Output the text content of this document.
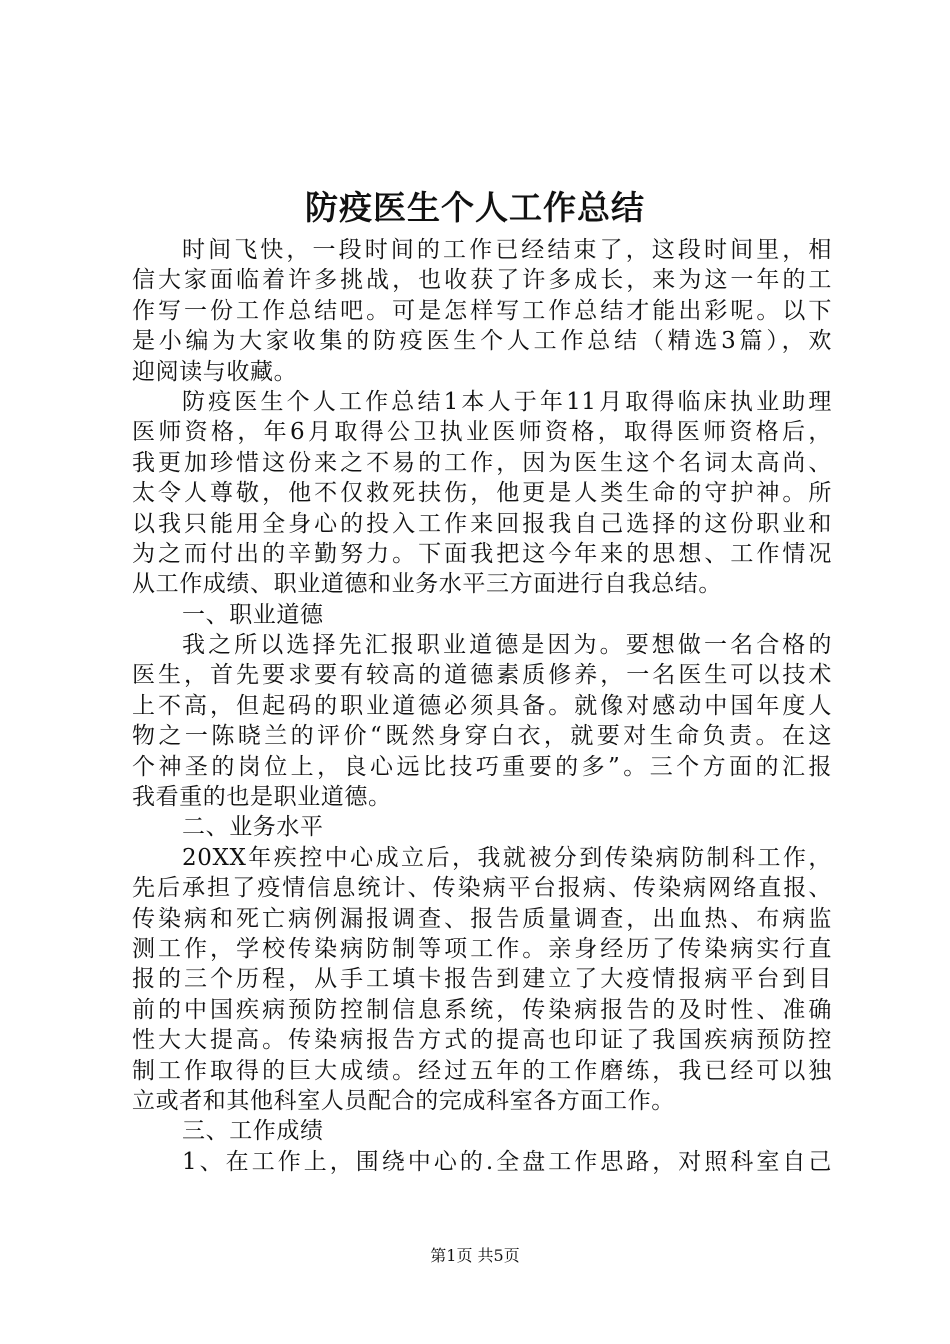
防疫医生个人工作总结
时间飞快，一段时间的工作已经结束了，这段时间里，相
信大家面临着许多挑战，也收获了许多成长，来为这一年的工
作写一份工作总结吧。可是怎样写工作总结才能出彩呢。以下
是小编为大家收集的防疫医生个人工作总结（精选3篇），欢
迎阅读与收藏。
防疫医生个人工作总结1本人于年11月取得临床执业助理
医师资格，年6月取得公卫执业医师资格，取得医师资格后，
我更加珍惜这份来之不易的工作，因为医生这个名词太高尚、
太令人尊敬，他不仅救死扶伤，他更是人类生命的守护神。所
以我只能用全身心的投入工作来回报我自己选择的这份职业和
为之而付出的辛勤努力。下面我把这今年来的思想、工作情况
从工作成绩、职业道德和业务水平三方面进行自我总结。
一、职业道德
我之所以选择先汇报职业道德是因为。要想做一名合格的
医生，首先要求要有较高的道德素质修养，一名医生可以技术
上不高，但起码的职业道德必须具备。就像对感动中国年度人
物之一陈晓兰的评价“既然身穿白衣，就要对生命负责。在这
个神圣的岗位上，良心远比技巧重要的多”。三个方面的汇报
我看重的也是职业道德。
二、业务水平
20XX年疾控中心成立后，我就被分到传染病防制科工作，
先后承担了疫情信息统计、传染病平台报病、传染病网络直报、
传染病和死亡病例漏报调查、报告质量调查，出血热、布病监
测工作，学校传染病防制等项工作。亲身经历了传染病实行直
报的三个历程，从手工填卡报告到建立了大疫情报病平台到目
前的中国疾病预防控制信息系统，传染病报告的及时性、准确
性大大提高。传染病报告方式的提高也印证了我国疾病预防控
制工作取得的巨大成绩。经过五年的工作磨练，我已经可以独
立或者和其他科室人员配合的完成科室各方面工作。
三、工作成绩
1、在工作上，围绕中心的.全盘工作思路，对照科室自己
第1页 共5页
